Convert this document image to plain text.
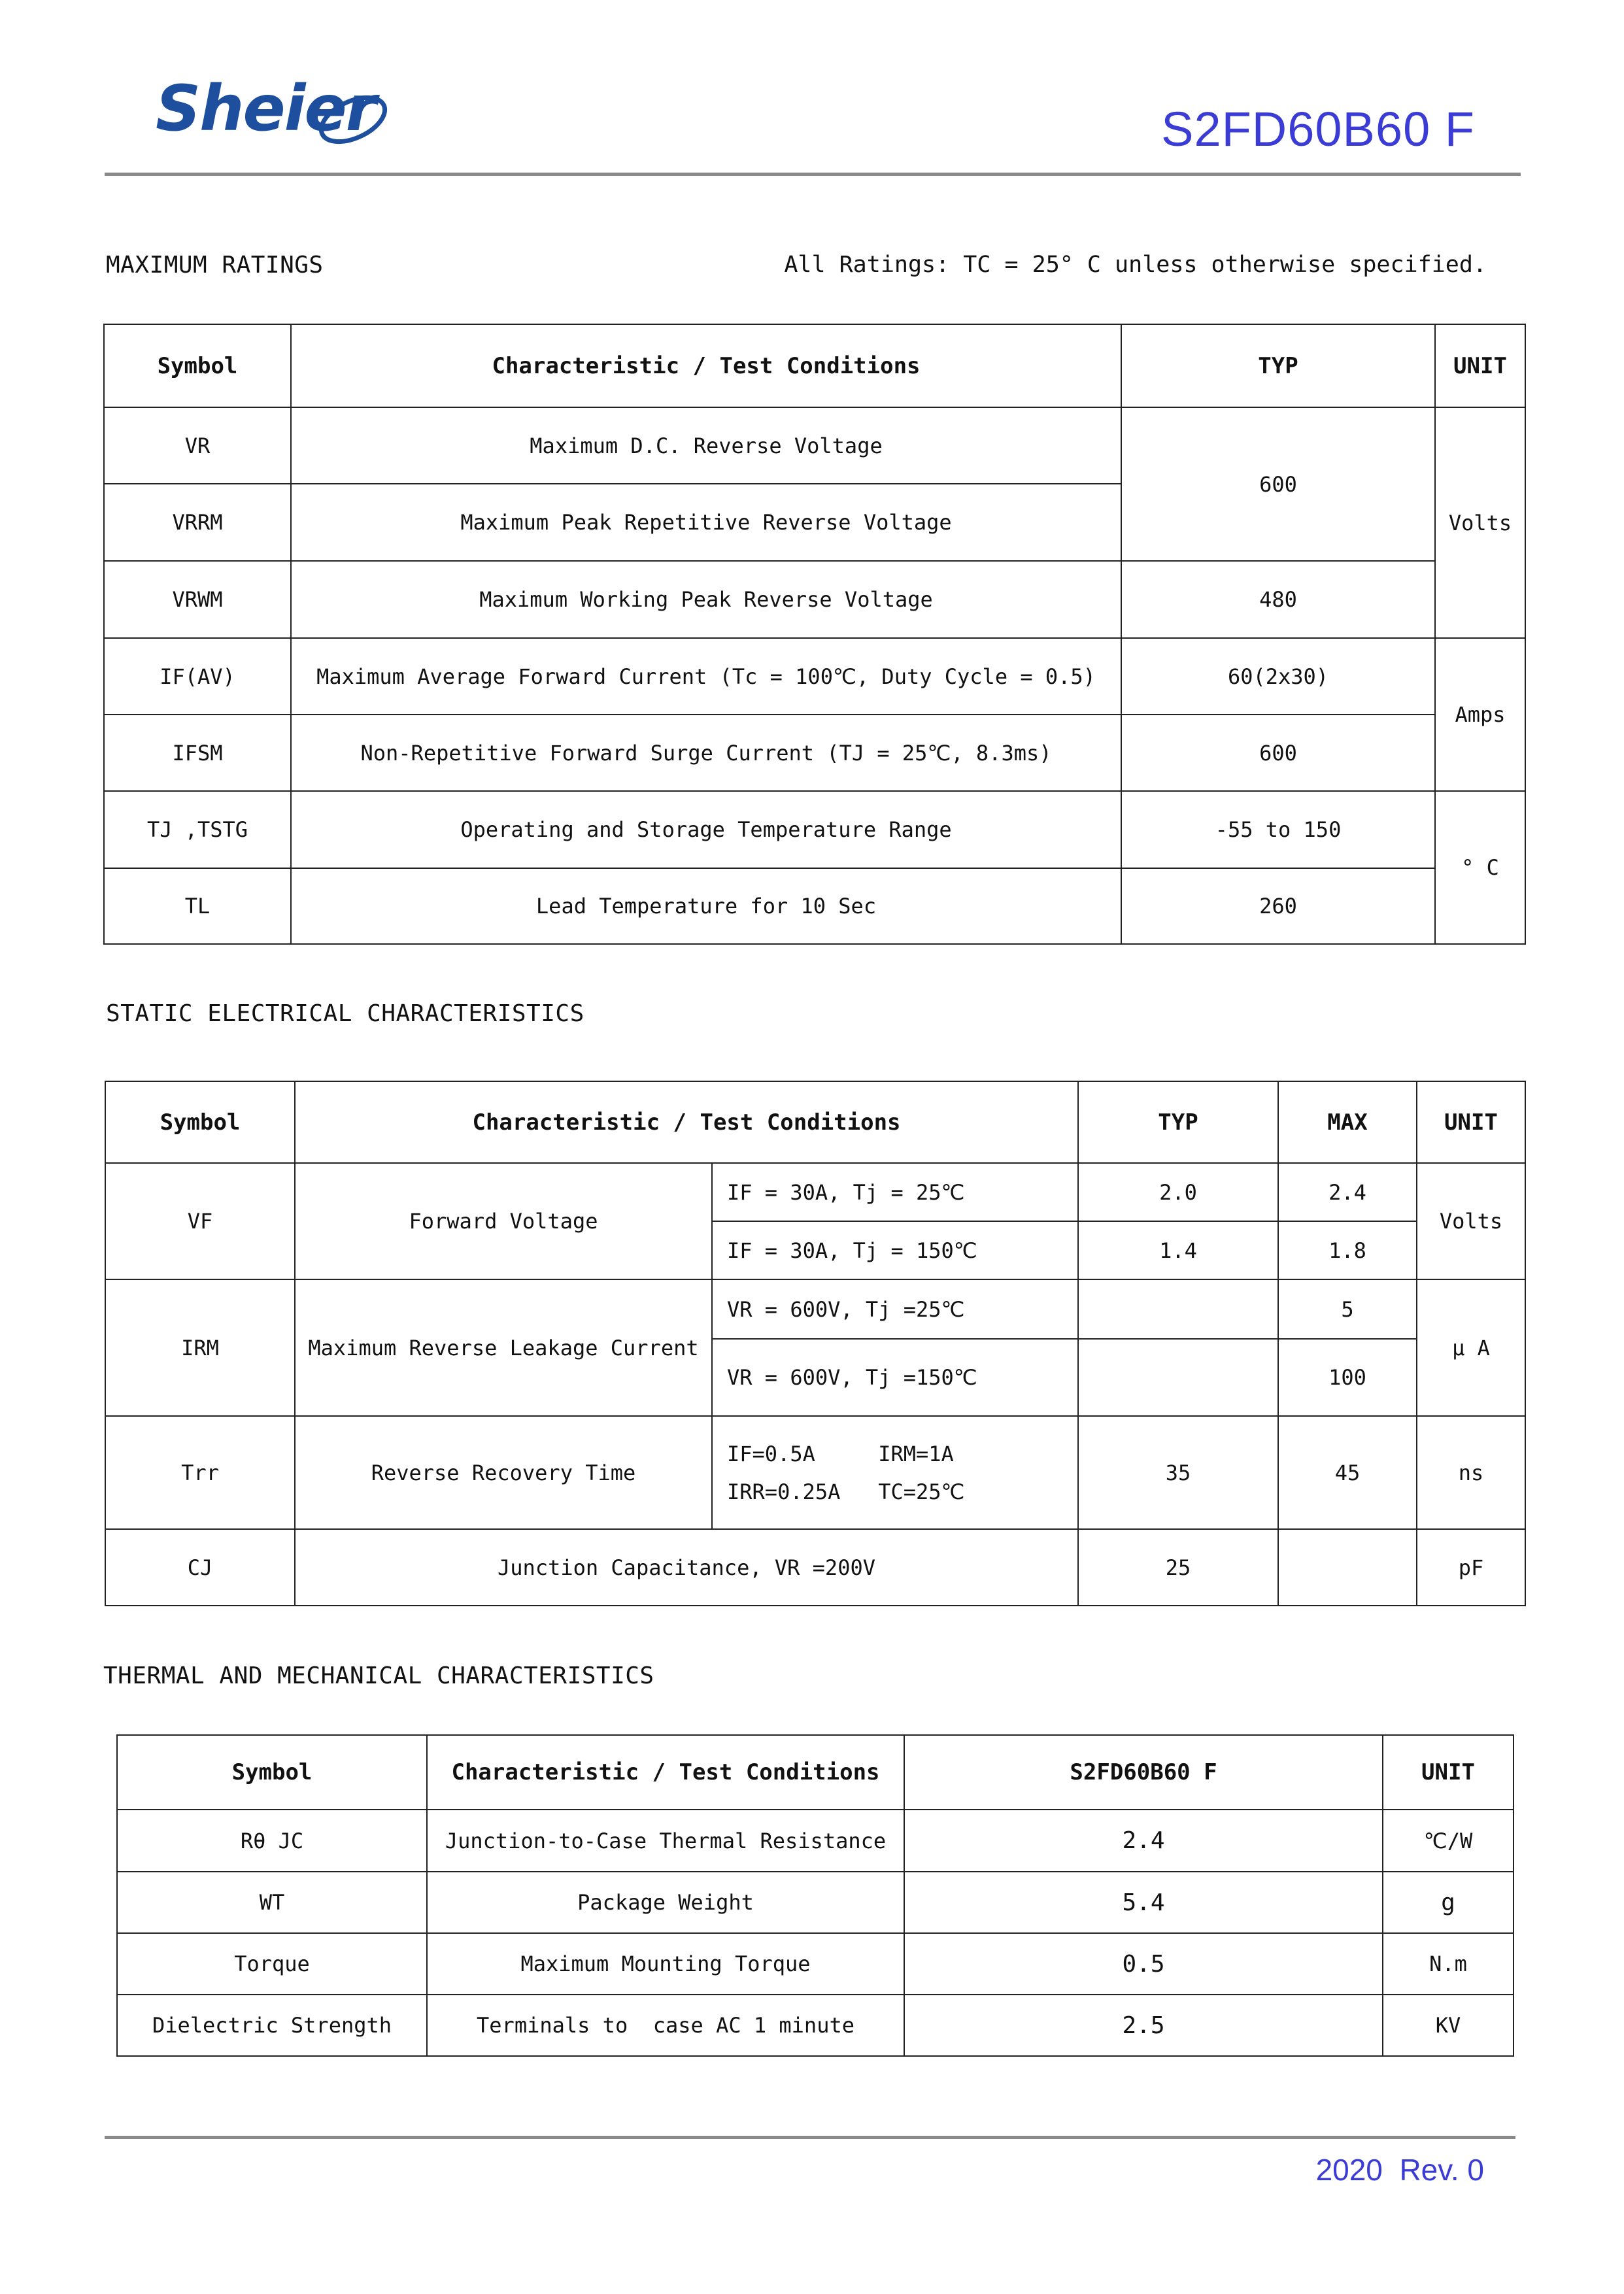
Sheier	S2FD60B60 F
MAXIMUM RATINGS	All Ratings: TC = 25° C unless otherwise specified.
Symbol	Characteristic / Test Conditions	TYP	UNIT
VR	Maximum D.C. Reverse Voltage	600	Volts
VRRM	Maximum Peak Repetitive Reverse Voltage		
VRWM	Maximum Working Peak Reverse Voltage	480	
IF(AV)	Maximum Average Forward Current (Tc = 100℃, Duty Cycle = 0.5)	60(2x30)	Amps
IFSM	Non-Repetitive Forward Surge Current (TJ = 25℃, 8.3ms)	600	
TJ ,TSTG	Operating and Storage Temperature Range	-55 to 150	° C
TL	Lead Temperature for 10 Sec	260	
STATIC ELECTRICAL CHARACTERISTICS
Symbol	Characteristic / Test Conditions		TYP	MAX	UNIT
VF	Forward Voltage	IF = 30A, Tj = 25℃	2.0	2.4	Volts
		IF = 30A, Tj = 150℃	1.4	1.8	
IRM	Maximum Reverse Leakage Current	VR = 600V, Tj =25℃		5	μ A
		VR = 600V, Tj =150℃		100	
Trr	Reverse Recovery Time	IF=0.5A     IRM=1A
IRR=0.25A   TC=25℃	35	45	ns
CJ	Junction Capacitance, VR =200V		25		pF
THERMAL AND MECHANICAL CHARACTERISTICS
Symbol	Characteristic / Test Conditions	S2FD60B60 F	UNIT
Rθ JC	Junction-to-Case Thermal Resistance	2.4	℃/W
WT	Package Weight	5.4	g
Torque	Maximum Mounting Torque	0.5	N.m
Dielectric Strength	Terminals to  case AC 1 minute	2.5	KV
2020  Rev. 0
